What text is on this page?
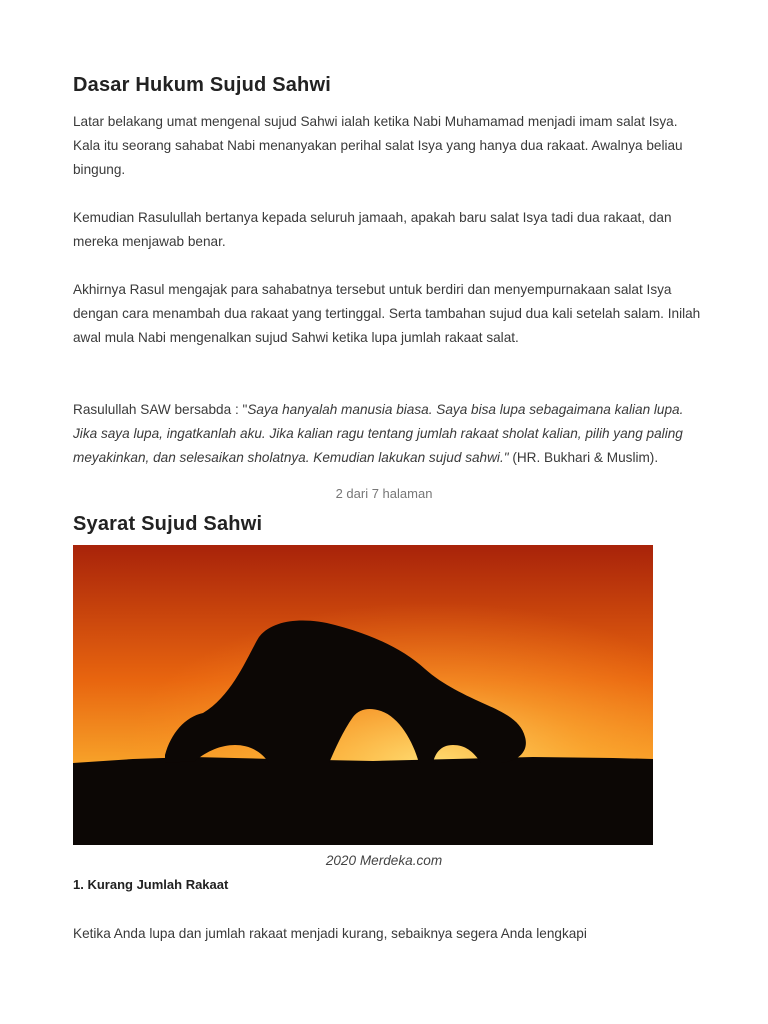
Dasar Hukum Sujud Sahwi

Latar belakang umat mengenal sujud Sahwi ialah ketika Nabi Muhamamad menjadi imam salat Isya. Kala itu seorang sahabat Nabi menanyakan perihal salat Isya yang hanya dua rakaat. Awalnya beliau bingung.

Kemudian Rasulullah bertanya kepada seluruh jamaah, apakah baru salat Isya tadi dua rakaat, dan mereka menjawab benar.

Akhirnya Rasul mengajak para sahabatnya tersebut untuk berdiri dan menyempurnakaan salat Isya dengan cara menambah dua rakaat yang tertinggal. Serta tambahan sujud dua kali setelah salam. Inilah awal mula Nabi mengenalkan sujud Sahwi ketika lupa jumlah rakaat salat.

Rasulullah SAW bersabda : "Saya hanyalah manusia biasa. Saya bisa lupa sebagaimana kalian lupa. Jika saya lupa, ingatkanlah aku. Jika kalian ragu tentang jumlah rakaat sholat kalian, pilih yang paling meyakinkan, dan selesaikan sholatnya. Kemudian lakukan sujud sahwi." (HR. Bukhari & Muslim).

2 dari 7 halaman
Syarat Sujud Sahwi
2020 Merdeka.com
1. Kurang Jumlah Rakaat

Ketika Anda lupa dan jumlah rakaat menjadi kurang, sebaiknya segera Anda lengkapi
